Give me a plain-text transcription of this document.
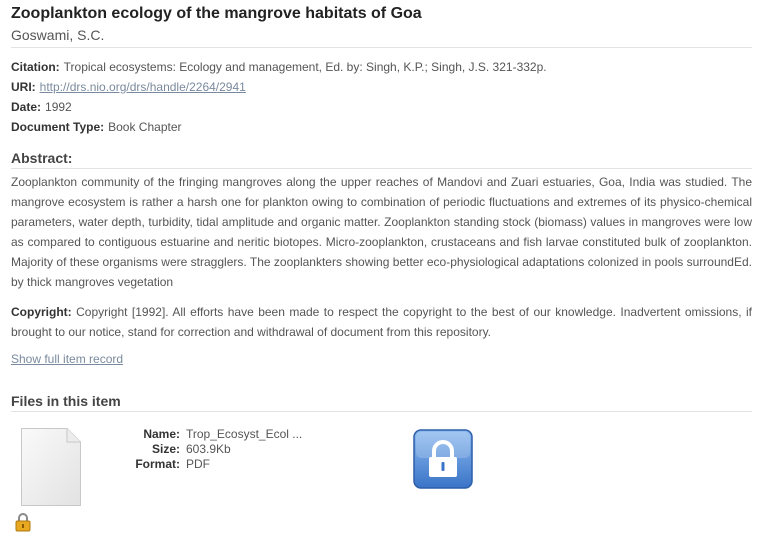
Zooplankton ecology of the mangrove habitats of Goa
Goswami, S.C.
Citation: Tropical ecosystems: Ecology and management, Ed. by: Singh, K.P.; Singh, J.S. 321-332p.
URI: http://drs.nio.org/drs/handle/2264/2941
Date: 1992
Document Type: Book Chapter
Abstract:
Zooplankton community of the fringing mangroves along the upper reaches of Mandovi and Zuari estuaries, Goa, India was studied. The mangrove ecosystem is rather a harsh one for plankton owing to combination of periodic fluctuations and extremes of its physico-chemical parameters, water depth, turbidity, tidal amplitude and organic matter. Zooplankton standing stock (biomass) values in mangroves were low as compared to contiguous estuarine and neritic biotopes. Micro-zooplankton, crustaceans and fish larvae constituted bulk of zooplankton. Majority of these organisms were stragglers. The zooplankters showing better eco-physiological adaptations colonized in pools surroundEd. by thick mangroves vegetation
Copyright: Copyright [1992]. All efforts have been made to respect the copyright to the best of our knowledge. Inadvertent omissions, if brought to our notice, stand for correction and withdrawal of document from this repository.
Show full item record
Files in this item
Name: Trop_Ecosyst_Ecol ...
Size: 603.9Kb
Format: PDF
